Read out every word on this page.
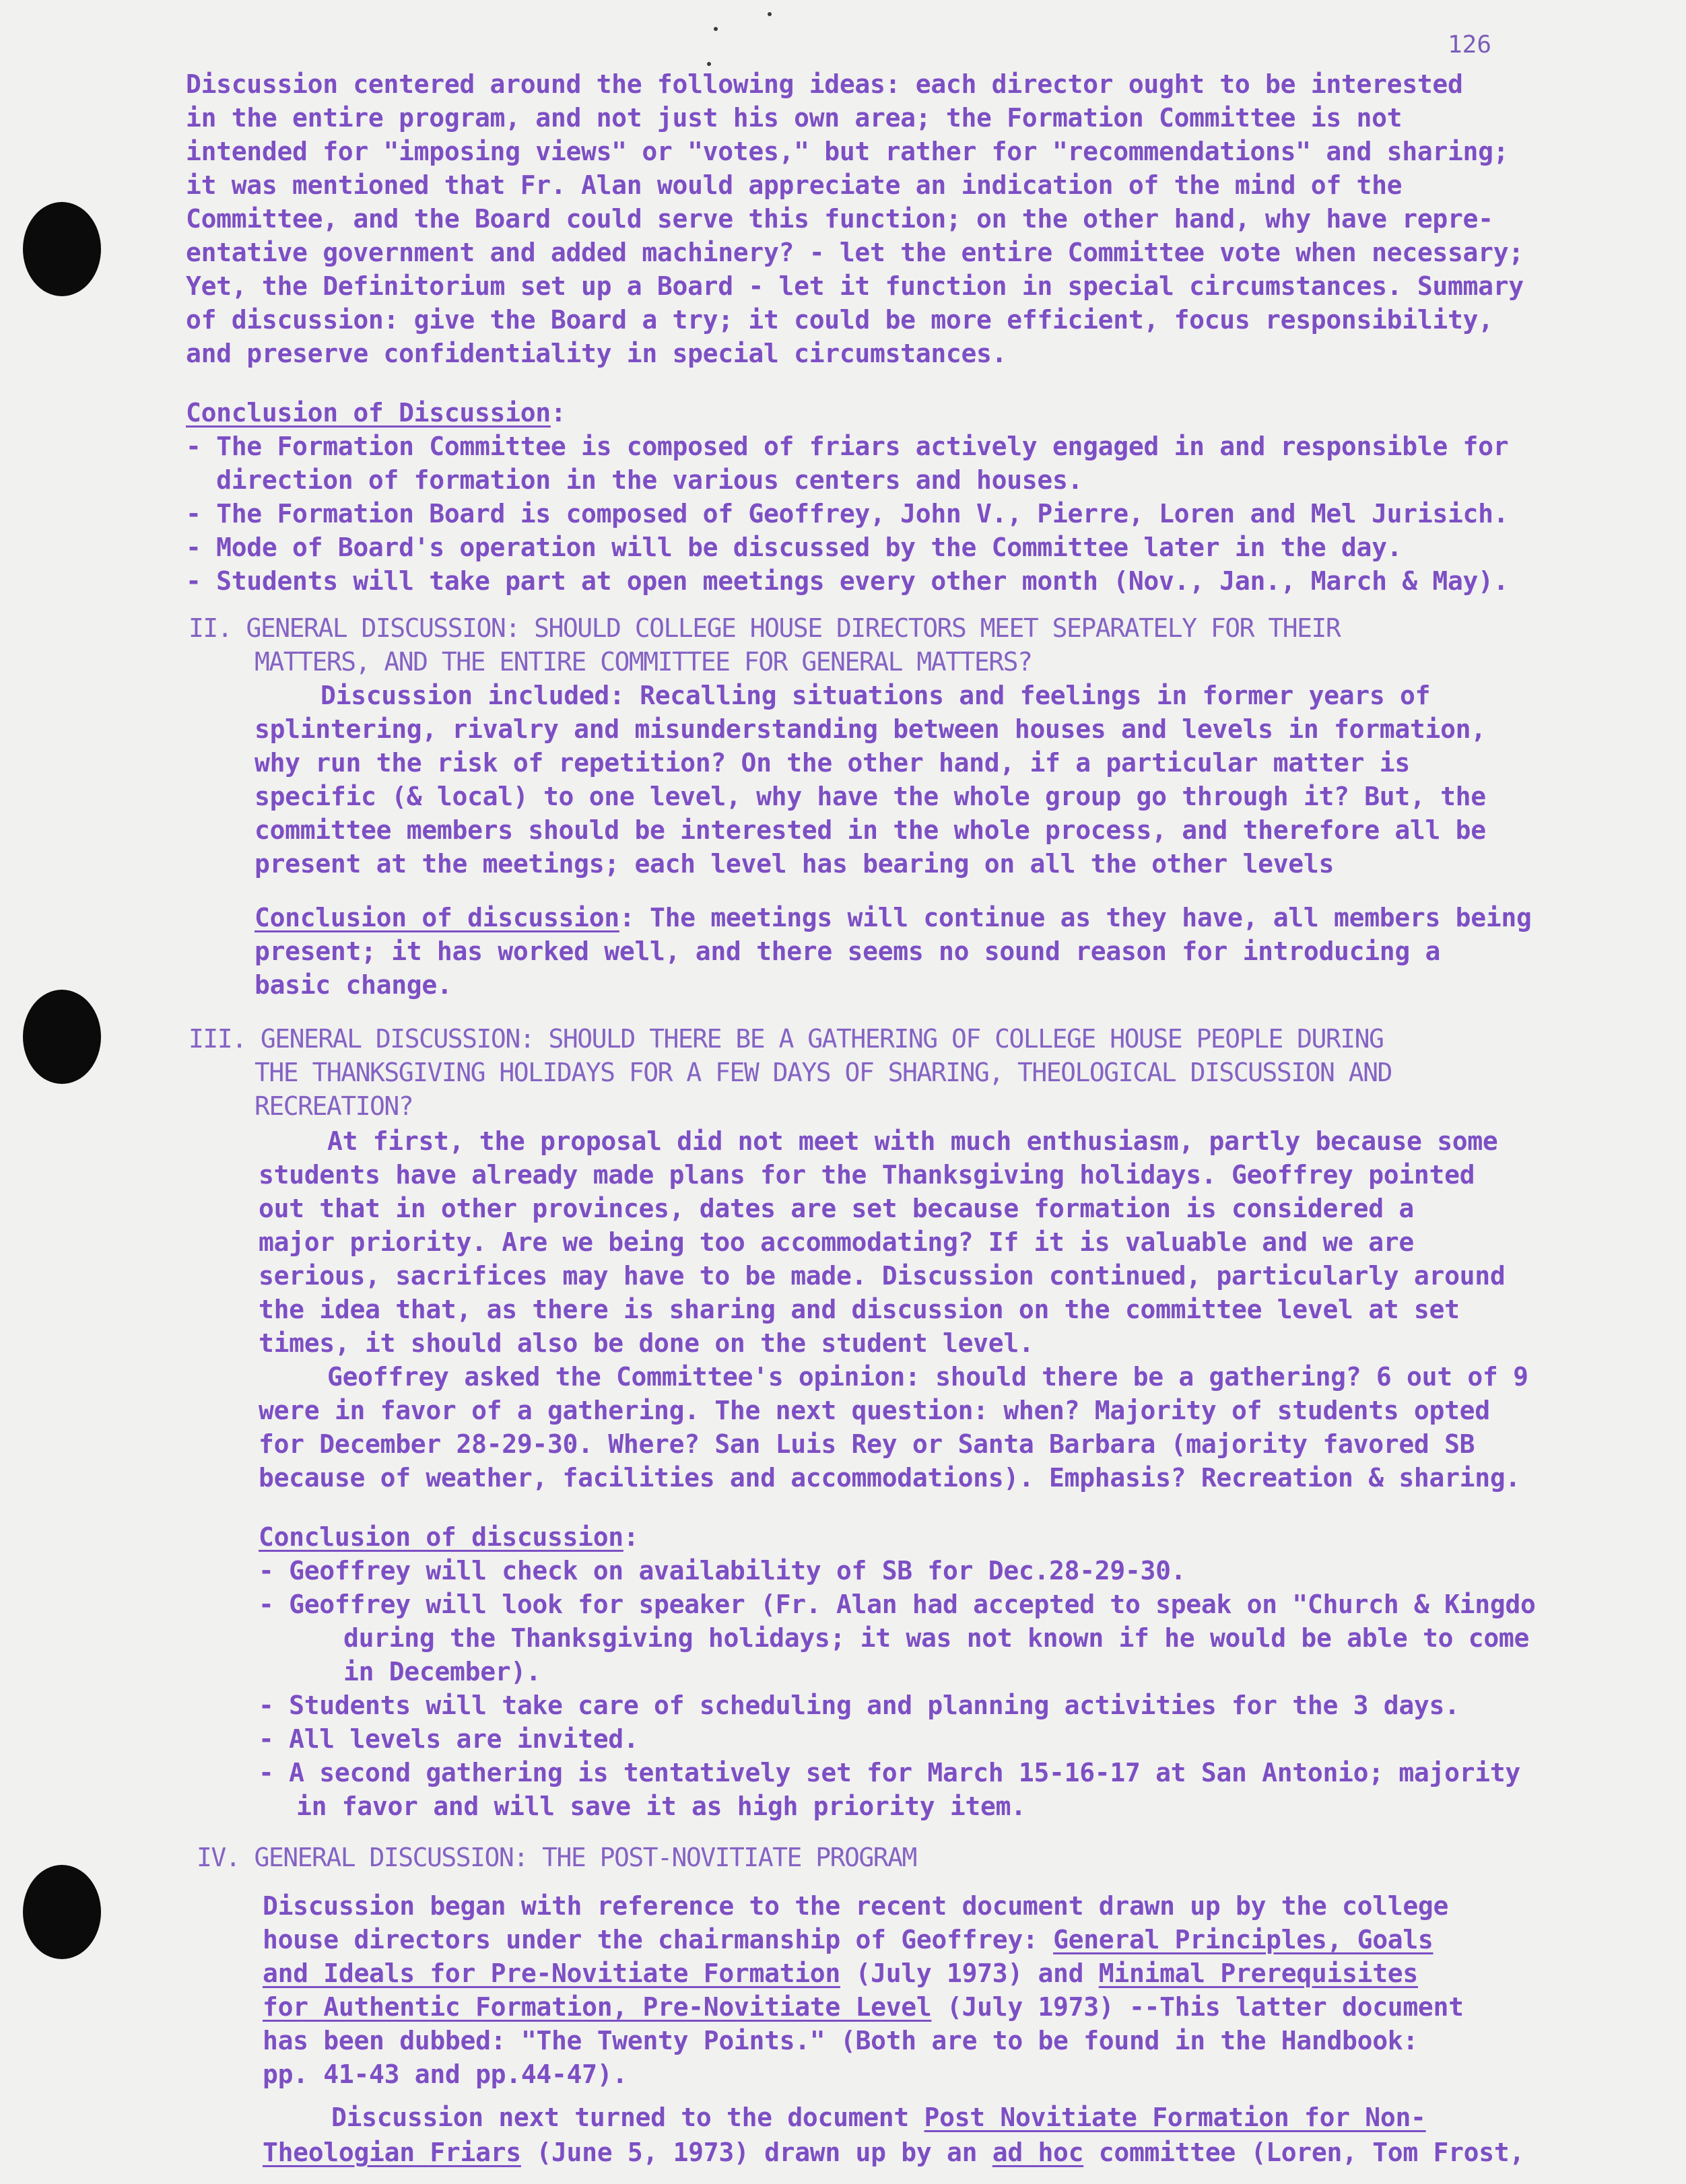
126
Discussion centered around the following ideas: each director ought to be interested
in the entire program, and not just his own area; the Formation Committee is not
intended for "imposing views" or "votes," but rather for "recommendations" and sharing;
it was mentioned that Fr. Alan would appreciate an indication of the mind of the
Committee, and the Board could serve this function; on the other hand, why have repre-
entative government and added machinery? - let the entire Committee vote when necessary;
Yet, the Definitorium set up a Board - let it function in special circumstances. Summary
of discussion: give the Board a try; it could be more efficient, focus responsibility,
and preserve confidentiality in special circumstances.
Conclusion of Discussion:
- The Formation Committee is composed of friars actively engaged in and responsible for
direction of formation in the various centers and houses.
- The Formation Board is composed of Geoffrey, John V., Pierre, Loren and Mel Jurisich.
- Mode of Board's operation will be discussed by the Committee later in the day.
- Students will take part at open meetings every other month (Nov., Jan., March & May).
II. GENERAL DISCUSSION: SHOULD COLLEGE HOUSE DIRECTORS MEET SEPARATELY FOR THEIR
MATTERS, AND THE ENTIRE COMMITTEE FOR GENERAL MATTERS?
Discussion included: Recalling situations and feelings in former years of
splintering, rivalry and misunderstanding between houses and levels in formation,
why run the risk of repetition? On the other hand, if a particular matter is
specific (& local) to one level, why have the whole group go through it? But, the
committee members should be interested in the whole process, and therefore all be
present at the meetings; each level has bearing on all the other levels
Conclusion of discussion: The meetings will continue as they have, all members being
present; it has worked well, and there seems no sound reason for introducing a
basic change.
III. GENERAL DISCUSSION: SHOULD THERE BE A GATHERING OF COLLEGE HOUSE PEOPLE DURING
THE THANKSGIVING HOLIDAYS FOR A FEW DAYS OF SHARING, THEOLOGICAL DISCUSSION AND
RECREATION?
At first, the proposal did not meet with much enthusiasm, partly because some
students have already made plans for the Thanksgiving holidays. Geoffrey pointed
out that in other provinces, dates are set because formation is considered a
major priority. Are we being too accommodating? If it is valuable and we are
serious, sacrifices may have to be made. Discussion continued, particularly around
the idea that, as there is sharing and discussion on the committee level at set
times, it should also be done on the student level.
Geoffrey asked the Committee's opinion: should there be a gathering? 6 out of 9
were in favor of a gathering. The next question: when? Majority of students opted
for December 28-29-30. Where? San Luis Rey or Santa Barbara (majority favored SB
because of weather, facilities and accommodations). Emphasis? Recreation & sharing.
Conclusion of discussion:
- Geoffrey will check on availability of SB for Dec.28-29-30.
- Geoffrey will look for speaker (Fr. Alan had accepted to speak on "Church & Kingdo
during the Thanksgiving holidays; it was not known if he would be able to come
in December).
- Students will take care of scheduling and planning activities for the 3 days.
- All levels are invited.
- A second gathering is tentatively set for March 15-16-17 at San Antonio; majority
in favor and will save it as high priority item.
IV. GENERAL DISCUSSION: THE POST-NOVITIATE PROGRAM
Discussion began with reference to the recent document drawn up by the college
house directors under the chairmanship of Geoffrey: General Principles, Goals
and Ideals for Pre-Novitiate Formation (July 1973) and Minimal Prerequisites
for Authentic Formation, Pre-Novitiate Level (July 1973) --This latter document
has been dubbed: "The Twenty Points." (Both are to be found in the Handbook:
pp. 41-43 and pp.44-47).
Discussion next turned to the document Post Novitiate Formation for Non-
Theologian Friars (June 5, 1973) drawn up by an ad hoc committee (Loren, Tom Frost,
